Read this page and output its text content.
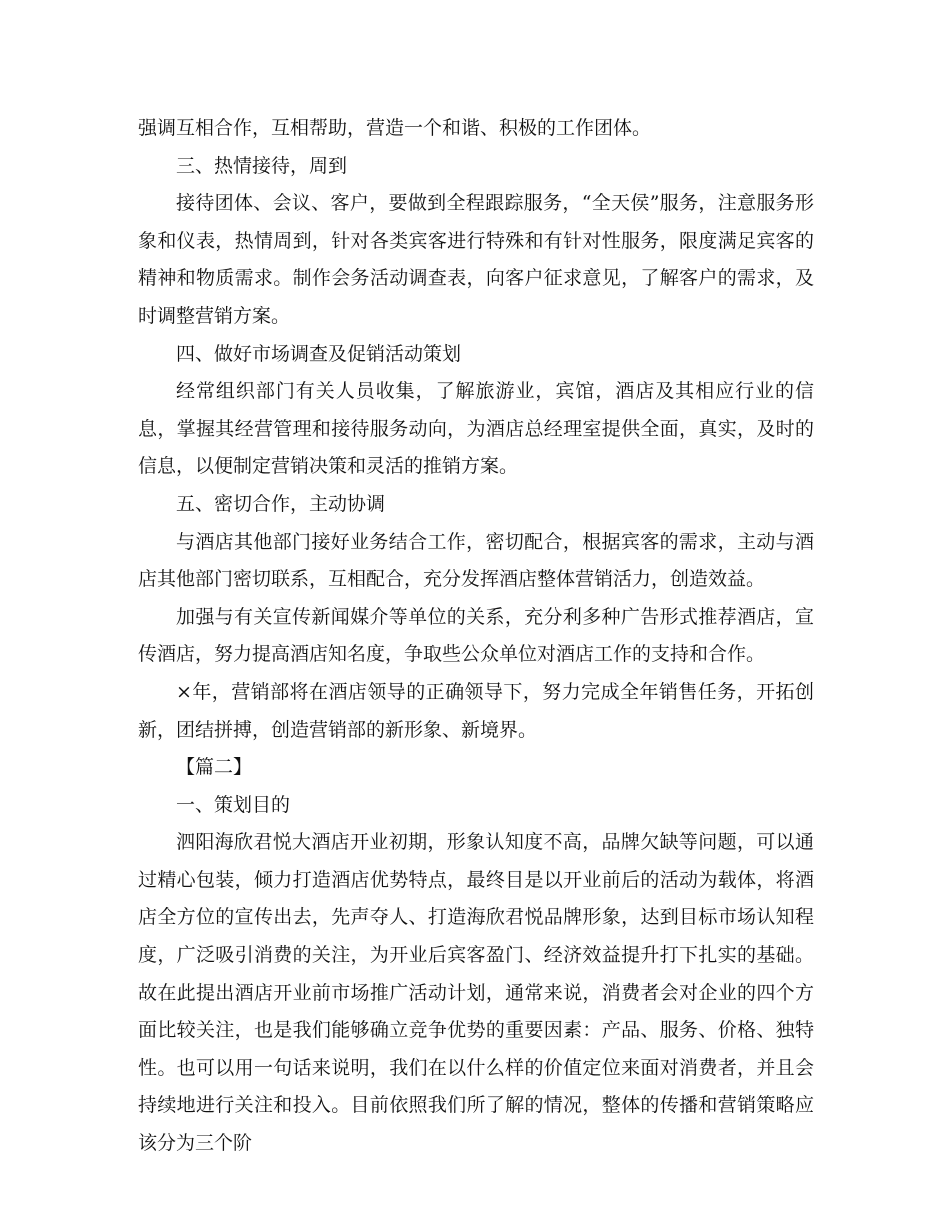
强调互相合作，互相帮助，营造一个和谐、积极的工作团体。

三、热情接待，周到

接待团体、会议、客户，要做到全程跟踪服务，“全天侯”服务，注意服务形象和仪表，热情周到，针对各类宾客进行特殊和有针对性服务，限度满足宾客的精神和物质需求。制作会务活动调查表，向客户征求意见，了解客户的需求，及时调整营销方案。

四、做好市场调查及促销活动策划

经常组织部门有关人员收集，了解旅游业，宾馆，酒店及其相应行业的信息，掌握其经营管理和接待服务动向，为酒店总经理室提供全面，真实，及时的信息，以便制定营销决策和灵活的推销方案。

五、密切合作，主动协调

与酒店其他部门接好业务结合工作，密切配合，根据宾客的需求，主动与酒店其他部门密切联系，互相配合，充分发挥酒店整体营销活力，创造效益。

加强与有关宣传新闻媒介等单位的关系，充分利多种广告形式推荐酒店，宣传酒店，努力提高酒店知名度，争取些公众单位对酒店工作的支持和合作。

×年，营销部将在酒店领导的正确领导下，努力完成全年销售任务，开拓创新，团结拼搏，创造营销部的新形象、新境界。

【篇二】

一、策划目的

泗阳海欣君悦大酒店开业初期，形象认知度不高，品牌欠缺等问题，可以通过精心包装，倾力打造酒店优势特点，最终目是以开业前后的活动为载体，将酒店全方位的宣传出去，先声夺人、打造海欣君悦品牌形象，达到目标市场认知程度，广泛吸引消费的关注，为开业后宾客盈门、经济效益提升打下扎实的基础。故在此提出酒店开业前市场推广活动计划，通常来说，消费者会对企业的四个方面比较关注，也是我们能够确立竞争优势的重要因素：产品、服务、价格、独特性。也可以用一句话来说明，我们在以什么样的价值定位来面对消费者，并且会持续地进行关注和投入。目前依照我们所了解的情况，整体的传播和营销策略应该分为三个阶
